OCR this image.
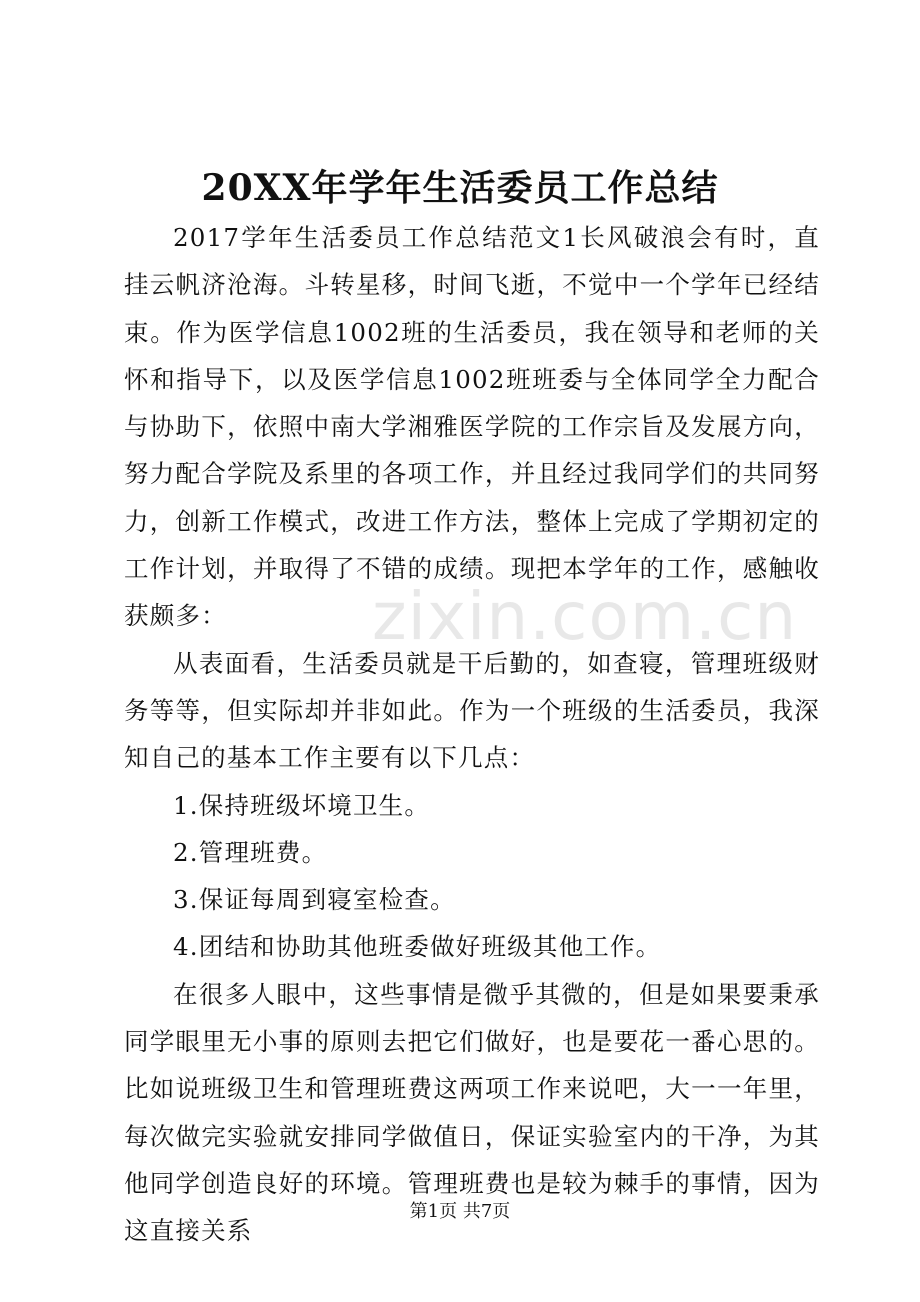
20XX年学年生活委员工作总结

2017学年生活委员工作总结范文1长风破浪会有时，直挂云帆济沧海。斗转星移，时间飞逝，不觉中一个学年已经结束。作为医学信息1002班的生活委员，我在领导和老师的关怀和指导下，以及医学信息1002班班委与全体同学全力配合与协助下，依照中南大学湘雅医学院的工作宗旨及发展方向，努力配合学院及系里的各项工作，并且经过我同学们的共同努力，创新工作模式，改进工作方法，整体上完成了学期初定的工作计划，并取得了不错的成绩。现把本学年的工作，感触收获颇多：

从表面看，生活委员就是干后勤的，如查寝，管理班级财务等等，但实际却并非如此。作为一个班级的生活委员，我深知自己的基本工作主要有以下几点：

1.保持班级坏境卫生。

2.管理班费。

3.保证每周到寝室检查。

4.团结和协助其他班委做好班级其他工作。

在很多人眼中，这些事情是微乎其微的，但是如果要秉承同学眼里无小事的原则去把它们做好，也是要花一番心思的。比如说班级卫生和管理班费这两项工作来说吧，大一一年里，每次做完实验就安排同学做值日，保证实验室内的干净，为其他同学创造良好的环境。管理班费也是较为棘手的事情，因为这直接关系

zixin.com.cn
第1页 共7页
